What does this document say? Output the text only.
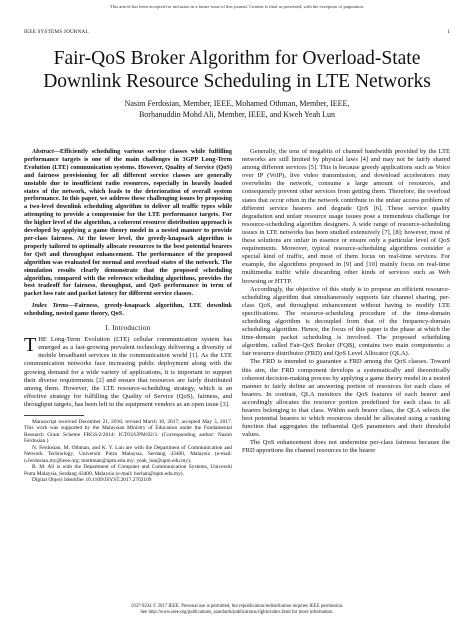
This article has been accepted for inclusion in a future issue of this journal. Content is final as presented, with the exception of pagination.
IEEE SYSTEMS JOURNAL	1
Fair-QoS Broker Algorithm for Overload-State
Downlink Resource Scheduling in LTE Networks
Nasim Ferdosian, Member, IEEE, Mohamed Othman, Member, IEEE,
Borhanuddin Mohd Ali, Member, IEEE, and Kweh Yeah Lun

Abstract—Efficiently scheduling various service classes while fulfilling performance targets is one of the main challenges in 3GPP Long-Term Evolution (LTE) communication systems. However, Quality of Service (QoS) and fairness provisioning for all different service classes are generally unstable due to insufficient radio resources, especially in heavily loaded states of the network, which leads to the deterioration of overall system performance. In this paper, we address these challenging issues by proposing a two-level downlink scheduling algorithm to deliver all traffic types while attempting to provide a compromise for the LTE performance targets. For the higher level of the algorithm, a coherent resource distribution approach is developed by applying a game theory model in a nested manner to provide per-class fairness. At the lower level, the greedy-knapsack algorithm is properly tailored to optimally allocate resources to the best potential bearers for QoS and throughput enhancement. The performance of the proposed algorithm was evaluated for normal and overload states of the network. The simulation results clearly demonstrate that the proposed scheduling algorithm, compared with the reference scheduling algorithms, provides the best tradeoff for fairness, throughput, and QoS performance in term of packet loss rate and packet latency for different service classes.

Index Terms—Fairness, greedy-knapsack algorithm, LTE downlink scheduling, nested game theory, QoS.

I. Introduction

THE Long-Term Evolution (LTE) cellular communication system has emerged as a fast-growing prevalent technology delivering a diversity of mobile broadband services in the communication world [1]. As the LTE communication networks face increasing public deployment along with the growing demand for a wide variety of applications, it is important to support their diverse requirements [2] and ensure that resources are fairly distributed among them. However, the LTE resource-scheduling strategy, which is an effective strategy for fulfilling the Quality of Service (QoS), fairness, and throughput targets, has been left to the equipment vendors as an open issue [3].

Manuscript received December 21, 2016; revised March 10, 2017; accepted May 3, 2017. This work was supported by the Malaysian Ministry of Education under the Fundamental Research Grant Scheme FRGS/2/2014/ ICT03/UPM/02/3. (Corresponding author: Nasim Ferdosian.)

N. Ferdosian, M. Othman, and K. Y. Lun are with the Department of Communication and Network Technology, Universiti Putra Malaysia, Serdang 43400, Malaysia (e-mail: n.ferdosian.my@ieee.org; mothman@upm.edu.my; yeah_lun@upm.edu.my).

B. M. Ali is with the Department of Computer and Communication Systems, Universiti Putra Malaysia, Serdang 43400, Malaysia (e-mail: borhan@upm.edu.my).

Digital Object Identifier 10.1109/JSYST.2017.2702109

Generally, the tens of megabits of channel bandwidth provided by the LTE networks are still limited by physical laws [4] and may not be fairly shared among different services [5]. This is because greedy applications such as Voice over IP (VoIP), live video transmission, and download accelerators may overwhelm the network, consume a large amount of resources, and consequently prevent other services from getting them. Therefore, the overload states that occur often in the network contribute to the unfair access problem of different service bearers and degrade QoS [6]. These service quality degradation and unfair resource usage issues pose a tremendous challenge for resource-scheduling algorithm designers. A wide range of resource-scheduling issues in LTE networks has been studied extensively [7], [8]; however, most of these solutions are unfair in essence or ensure only a particular level of QoS requirements. Moreover, typical resource-scheduling algorithms consider a special kind of traffic, and most of them focus on real-time services. For example, the algorithms proposed in [9] and [10] mainly focus on real-time multimedia traffic while discarding other kinds of services such as Web browsing or HTTP.

Accordingly, the objective of this study is to propose an efficient resource-scheduling algorithm that simultaneously supports fair channel sharing, per-class QoS, and throughput enhancement without having to modify LTE specifications. The resource-scheduling procedure of the time-domain scheduling algorithm is decoupled from that of the frequency-domain scheduling algorithm. Hence, the focus of this paper is the phase at which the time-domain packet scheduling is involved. The proposed scheduling algorithm, called Fair-QoS Broker (FQB), contains two main components: a fair resource distributor (FRD) and QoS Level Allocator (QLA).

The FRD is intended to guarantee a FRD among the QoS classes. Toward this aim, the FRD component develops a systematically and theoretically coherent decision-making process by applying a game theory model in a nested manner to fairly define an answering portion of resources for each class of bearers. In contrast, QLA monitors the QoS features of each bearer and accordingly allocates the resource portion predefined for each class to all bearers belonging to that class. Within each bearer class, the QLA selects the best potential bearers to which resources should be allocated using a ranking function that aggregates the influential QoS parameters and their threshold values.

The QoS enhancement does not undermine per-class fairness because the FRD apportions the channel resources to the bearer

1937-9234 © 2017 IEEE. Personal use is permitted, but republication/redistribution requires IEEE permission.
See http://www.ieee.org/publications_standards/publications/rights/index.html for more information.
